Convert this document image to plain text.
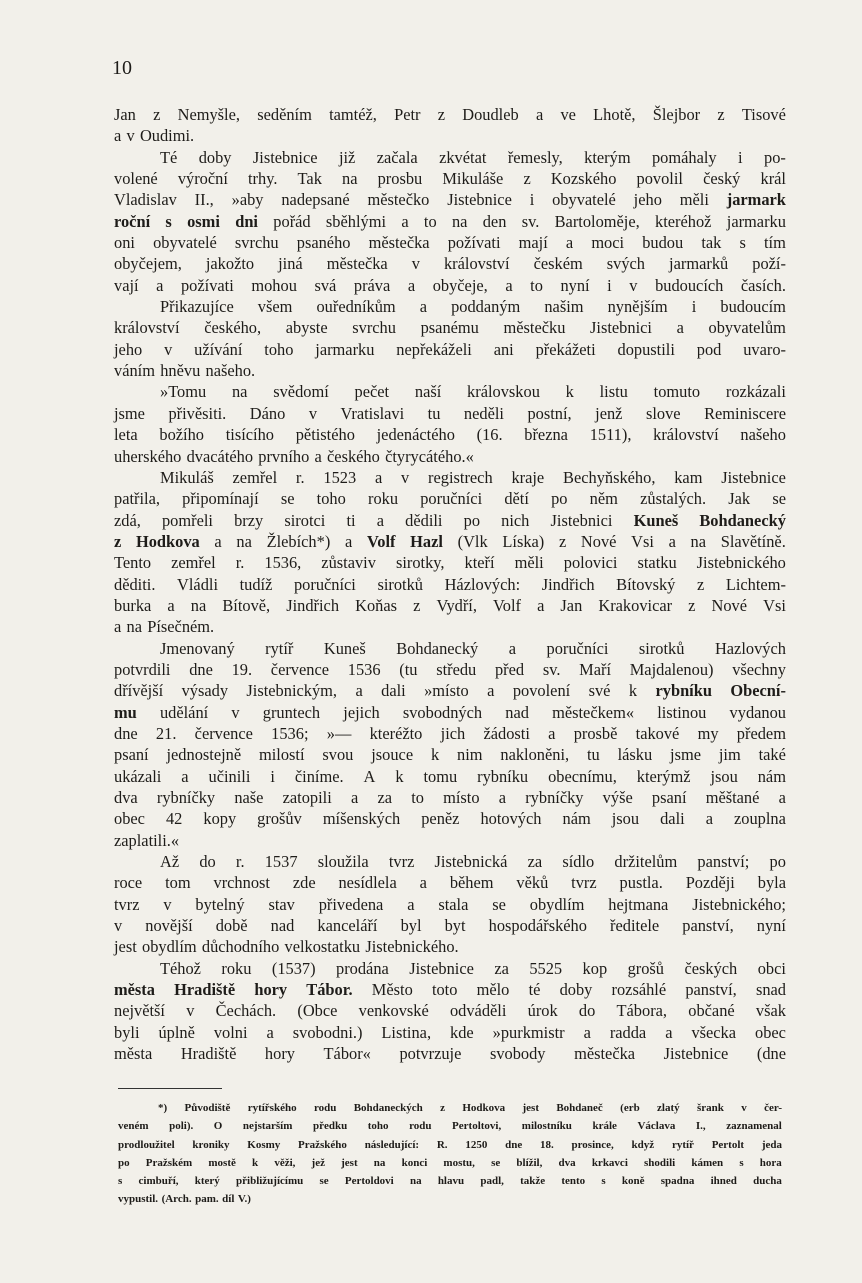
10
Jan z Nemyšle, seděním tamtéž, Petr z Doudleb a ve Lhotě, Šlejbor z Tisové
a v Oudimi.
Té doby Jistebnice již začala zkvétat řemesly, kterým pomáhaly i po-
volené výroční trhy. Tak na prosbu Mikuláše z Kozského povolil český král
Vladislav II., »aby nadepsané městečko Jistebnice i obyvatelé jeho měli jarmark
roční s osmi dni pořád sběhlými a to na den sv. Bartoloměje, kteréhož jarmarku
oni obyvatelé svrchu psaného městečka požívati mají a moci budou tak s tím
obyčejem, jakožto jiná městečka v království českém svých jarmarků poží-
vají a požívati mohou svá práva a obyčeje, a to nyní i v budoucích časích.
Přikazujíce všem ouředníkům a poddaným našim nynějším i budoucím
království českého, abyste svrchu psanému městečku Jistebnici a obyvatelům
jeho v užívání toho jarmarku nepřekáželi ani překážeti dopustili pod uvaro-
váním hněvu našeho.
»Tomu na svědomí pečet naší královskou k listu tomuto rozkázali
jsme přivěsiti. Dáno v Vratislavi tu neděli postní, jenž slove Reminiscere
leta božího tisícího pětistého jedenáctého (16. března 1511), království našeho
uherského dvacátého prvního a českého čtyrycátého.«
Mikuláš zemřel r. 1523 a v registrech kraje Bechyňského, kam Jistebnice
patřila, připomínají se toho roku poručníci dětí po něm zůstalých. Jak se
zdá, pomřeli brzy sirotci ti a dědili po nich Jistebnici Kuneš Bohdanecký
z Hodkova a na Žlebích*) a Volf Hazl (Vlk Líska) z Nové Vsi a na Slavětíně.
Tento zemřel r. 1536, zůstaviv sirotky, kteří měli polovici statku Jistebnického
děditi. Vládli tudíž poručníci sirotků Házlových: Jindřich Bítovský z Lichtem-
burka a na Bítově, Jindřich Koňas z Vydří, Volf a Jan Krakovicar z Nové Vsi
a na Písečném.
Jmenovaný rytíř Kuneš Bohdanecký a poručníci sirotků Hazlových
potvrdili dne 19. července 1536 (tu středu před sv. Maří Majdalenou) všechny
dřívější výsady Jistebnickým, a dali »místo a povolení své k rybníku Obecní-
mu udělání v gruntech jejich svobodných nad městečkem« listinou vydanou
dne 21. července 1536; »— kteréžto jich žádosti a prosbě takové my předem
psaní jednostejně milostí svou jsouce k nim nakloněni, tu lásku jsme jim také
ukázali a učinili i činíme. A k tomu rybníku obecnímu, kterýmž jsou nám
dva rybníčky naše zatopili a za to místo a rybníčky výše psaní měštané a
obec 42 kopy grošův míšenských peněz hotových nám jsou dali a zouplna
zaplatili.«
Až do r. 1537 sloužila tvrz Jistebnická za sídlo držitelům panství; po
roce tom vrchnost zde nesídlela a během věků tvrz pustla. Později byla
tvrz v bytelný stav přivedena a stala se obydlím hejtmana Jistebnického;
v novější době nad kanceláří byl byt hospodářského ředitele panství, nyní
jest obydlím důchodního velkostatku Jistebnického.
Téhož roku (1537) prodána Jistebnice za 5525 kop grošů českých obci
města Hradiště hory Tábor. Město toto mělo té doby rozsáhlé panství, snad
největší v Čechách. (Obce venkovské odváděli úrok do Tábora, občané však
byli úplně volni a svobodni.) Listina, kde »purkmistr a radda a všecka obec
města Hradiště hory Tábor« potvrzuje svobody městečka Jistebnice (dne
*) Původiště rytířského rodu Bohdaneckých z Hodkova jest Bohdaneč (erb zlatý šrank v čer-
veném poli). O nejstarším předku toho rodu Pertoltovi, milostníku krále Václava I., zaznamenal
prodloužitel kroniky Kosmy Pražského následující: R. 1250 dne 18. prosince, když rytíř Pertolt jeda
po Pražském mostě k věži, jež jest na konci mostu, se blížil, dva krkavci shodili kámen s hora
s cimbuří, který přibližujícímu se Pertoldovi na hlavu padl, takže tento s koně spadna ihned ducha
vypustil. (Arch. pam. díl V.)
